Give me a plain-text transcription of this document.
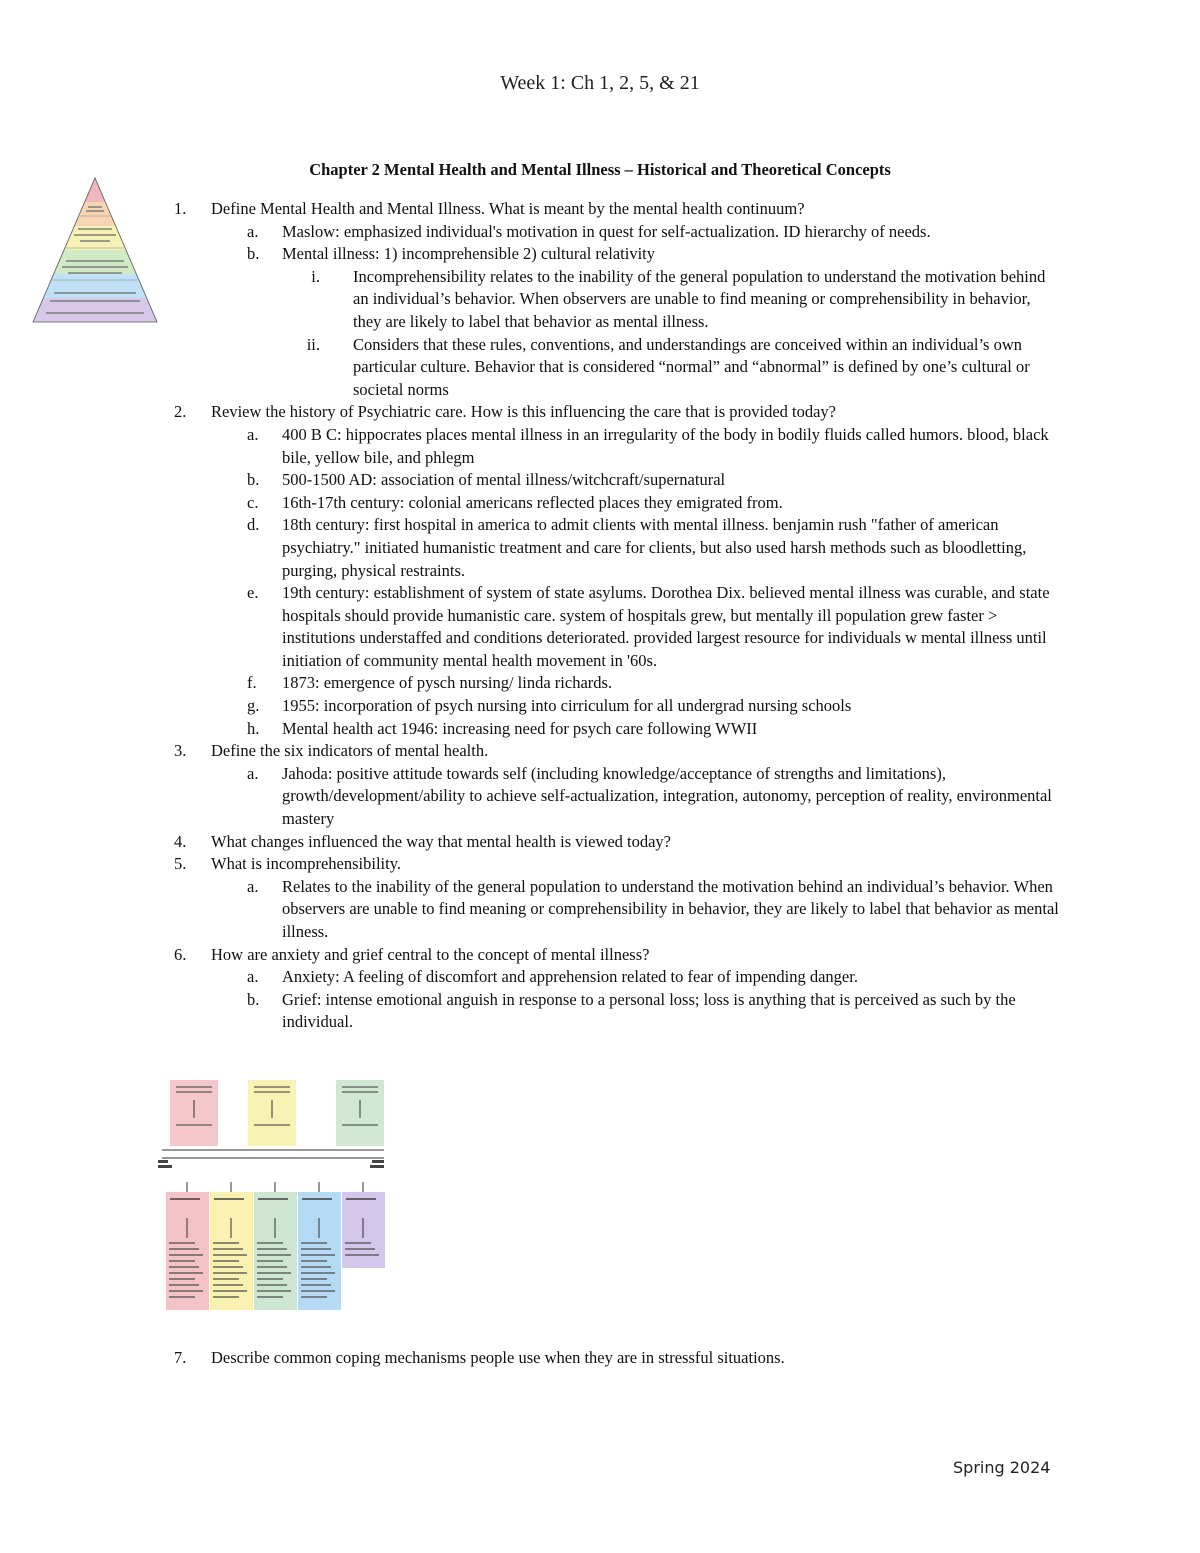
Week 1: Ch 1, 2, 5, & 21
Chapter 2 Mental Health and Mental Illness – Historical and Theoretical Concepts
1. Define Mental Health and Mental Illness. What is meant by the mental health continuum?
a. Maslow: emphasized individual's motivation in quest for self-actualization. ID hierarchy of needs.
b. Mental illness: 1) incomprehensible 2) cultural relativity
i. Incomprehensibility relates to the inability of the general population to understand the motivation behind an individual’s behavior. When observers are unable to find meaning or comprehensibility in behavior, they are likely to label that behavior as mental illness.
ii. Considers that these rules, conventions, and understandings are conceived within an individual’s own particular culture. Behavior that is considered “normal” and “abnormal” is defined by one’s cultural or societal norms
2. Review the history of Psychiatric care. How is this influencing the care that is provided today?
a. 400 B C: hippocrates places mental illness in an irregularity of the body in bodily fluids called humors. blood, black bile, yellow bile, and phlegm
b. 500-1500 AD: association of mental illness/witchcraft/supernatural
c. 16th-17th century: colonial americans reflected places they emigrated from.
d. 18th century: first hospital in america to admit clients with mental illness. benjamin rush "father of american psychiatry." initiated humanistic treatment and care for clients, but also used harsh methods such as bloodletting, purging, physical restraints.
e. 19th century: establishment of system of state asylums. Dorothea Dix. believed mental illness was curable, and state hospitals should provide humanistic care. system of hospitals grew, but mentally ill population grew faster > institutions understaffed and conditions deteriorated. provided largest resource for individuals w mental illness until initiation of community mental health movement in '60s.
f. 1873: emergence of pysch nursing/ linda richards.
g. 1955: incorporation of psych nursing into cirriculum for all undergrad nursing schools
h. Mental health act 1946: increasing need for psych care following WWII
3. Define the six indicators of mental health.
a. Jahoda: positive attitude towards self (including knowledge/acceptance of strengths and limitations), growth/development/ability to achieve self-actualization, integration, autonomy, perception of reality, environmental mastery
4. What changes influenced the way that mental health is viewed today?
5. What is incomprehensibility.
a. Relates to the inability of the general population to understand the motivation behind an individual’s behavior. When observers are unable to find meaning or comprehensibility in behavior, they are likely to label that behavior as mental illness.
6. How are anxiety and grief central to the concept of mental illness?
a. Anxiety: A feeling of discomfort and apprehension related to fear of impending danger.
b. Grief: intense emotional anguish in response to a personal loss; loss is anything that is perceived as such by the individual.
7. Describe common coping mechanisms people use when they are in stressful situations.
Spring 2024
